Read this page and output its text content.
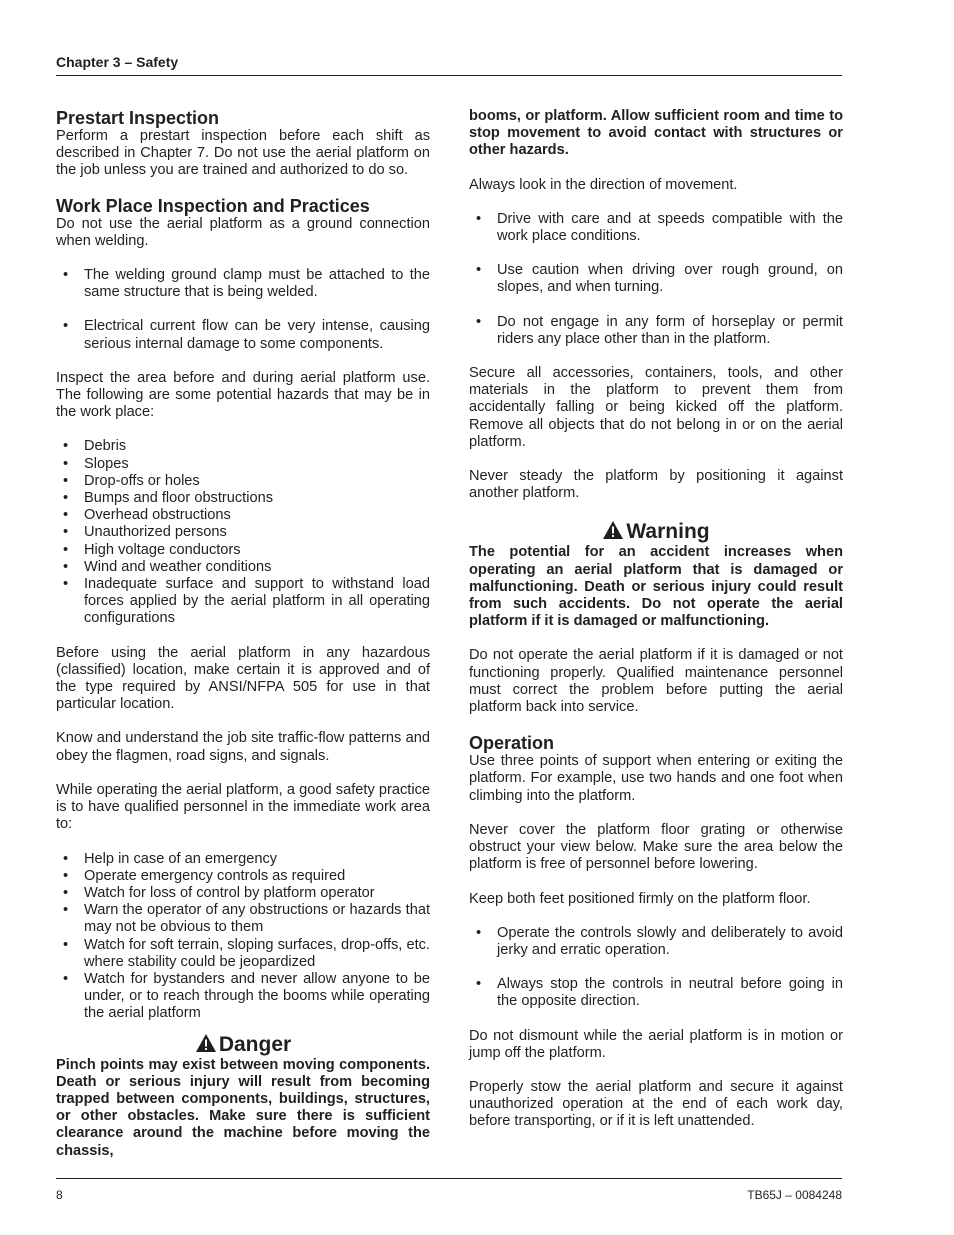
Chapter 3 – Safety
Prestart Inspection

Perform a prestart inspection before each shift as described in Chapter 7. Do not use the aerial platform on the job unless you are trained and authorized to do so.

Work Place Inspection and Practices

Do not use the aerial platform as a ground connection when welding.

• The welding ground clamp must be attached to the same structure that is being welded.
• Electrical current flow can be very intense, causing serious internal damage to some components.

Inspect the area before and during aerial platform use. The following are some potential hazards that may be in the work place:

• Debris
• Slopes
• Drop-offs or holes
• Bumps and floor obstructions
• Overhead obstructions
• Unauthorized persons
• High voltage conductors
• Wind and weather conditions
• Inadequate surface and support to withstand load forces applied by the aerial platform in all operating configurations

Before using the aerial platform in any hazardous (classified) location, make certain it is approved and of the type required by ANSI/NFPA 505 for use in that particular location.

Know and understand the job site traffic-flow patterns and obey the flagmen, road signs, and signals.

While operating the aerial platform, a good safety practice is to have qualified personnel in the immediate work area to:

• Help in case of an emergency
• Operate emergency controls as required
• Watch for loss of control by platform operator
• Warn the operator of any obstructions or hazards that may not be obvious to them
• Watch for soft terrain, sloping surfaces, drop-offs, etc. where stability could be jeopardized
• Watch for bystanders and never allow anyone to be under, or to reach through the booms while operating the aerial platform
Danger

Pinch points may exist between moving components. Death or serious injury will result from becoming trapped between components, buildings, structures, or other obstacles. Make sure there is sufficient clearance around the machine before moving the chassis,

booms, or platform. Allow sufficient room and time to stop movement to avoid contact with structures or other hazards.

Always look in the direction of movement.

• Drive with care and at speeds compatible with the work place conditions.
• Use caution when driving over rough ground, on slopes, and when turning.
• Do not engage in any form of horseplay or permit riders any place other than in the platform.

Secure all accessories, containers, tools, and other materials in the platform to prevent them from accidentally falling or being kicked off the platform. Remove all objects that do not belong in or on the aerial platform.

Never steady the platform by positioning it against another platform.

Warning

The potential for an accident increases when operating an aerial platform that is damaged or malfunctioning. Death or serious injury could result from such accidents. Do not operate the aerial platform if it is damaged or malfunctioning.

Do not operate the aerial platform if it is damaged or not functioning properly. Qualified maintenance personnel must correct the problem before putting the aerial platform back into service.

Operation

Use three points of support when entering or exiting the platform. For example, use two hands and one foot when climbing into the platform.

Never cover the platform floor grating or otherwise obstruct your view below. Make sure the area below the platform is free of personnel before lowering.

Keep both feet positioned firmly on the platform floor.

• Operate the controls slowly and deliberately to avoid jerky and erratic operation.
• Always stop the controls in neutral before going in the opposite direction.

Do not dismount while the aerial platform is in motion or jump off the platform.

Properly stow the aerial platform and secure it against unauthorized operation at the end of each work day, before transporting, or if it is left unattended.

8	TB65J – 0084248
